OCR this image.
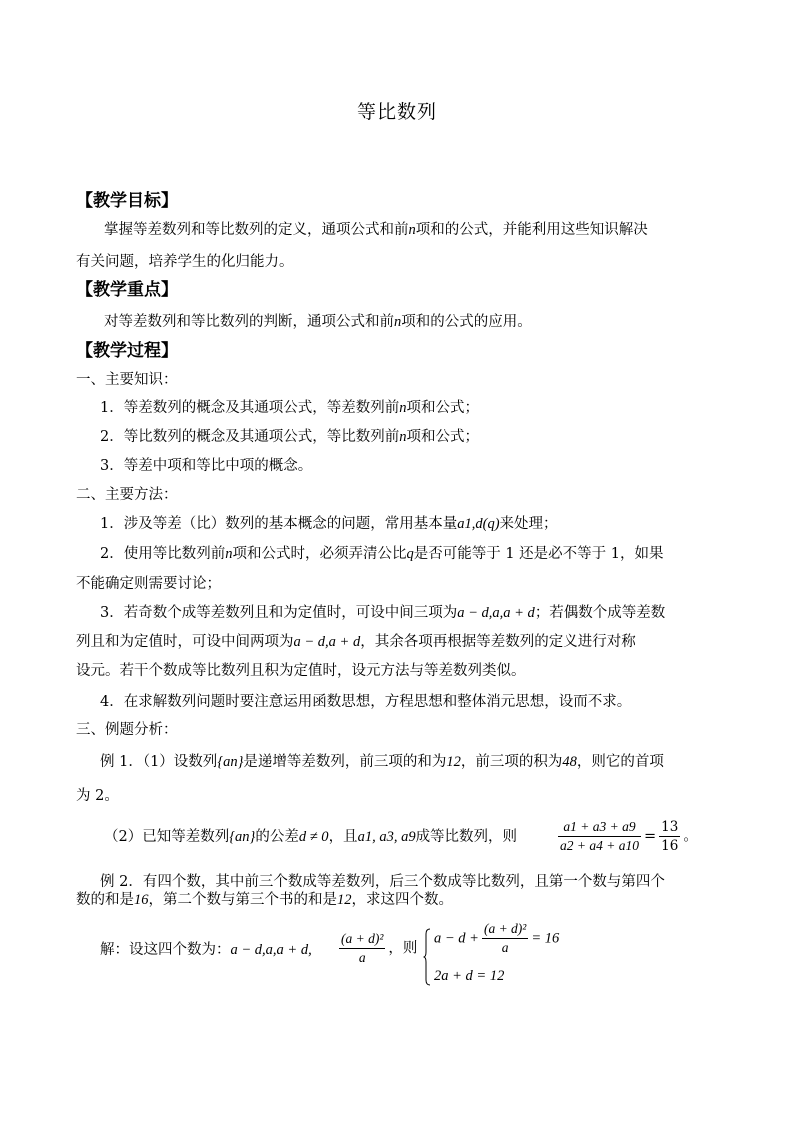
等比数列
【教学目标】
掌握等差数列和等比数列的定义，通项公式和前n项和的公式，并能利用这些知识解决
有关问题，培养学生的化归能力。
【教学重点】
对等差数列和等比数列的判断，通项公式和前n项和的公式的应用。
【教学过程】
一、主要知识：
1．等差数列的概念及其通项公式，等差数列前n项和公式；
2．等比数列的概念及其通项公式，等比数列前n项和公式；
3．等差中项和等比中项的概念。
二、主要方法：
1．涉及等差（比）数列的基本概念的问题，常用基本量a1,d(q)来处理；
2．使用等比数列前n项和公式时，必须弄清公比q是否可能等于 1 还是必不等于 1，如果
不能确定则需要讨论；
3．若奇数个成等差数列且和为定值时，可设中间三项为a − d,a,a + d；若偶数个成等差数
列且和为定值时，可设中间两项为a − d,a + d，其余各项再根据等差数列的定义进行对称
设元。若干个数成等比数列且积为定值时，设元方法与等差数列类似。
4．在求解数列问题时要注意运用函数思想，方程思想和整体消元思想，设而不求。
三、例题分析：
例 1．（1）设数列{an}是递增等差数列，前三项的和为12，前三项的积为48，则它的首项
为 2。
（2）已知等差数列{an}的公差d ≠ 0，且a1, a3, a9成等比数列，则	$\frac{a1 + a3 + a9}{a2 + a4 + a10} = \frac{13}{16}$ 。
例 2．有四个数，其中前三个数成等差数列，后三个数成等比数列，且第一个数与第四个
数的和是16，第二个数与第三个书的和是12，求这四个数。
解：设这四个数为：a − d,a,a + d, $\frac{\text{(a + d)²}}{a}$ ，则
$a - d + \frac{\text{(a + d)²}}{a} = 16$
2a + d = 12
